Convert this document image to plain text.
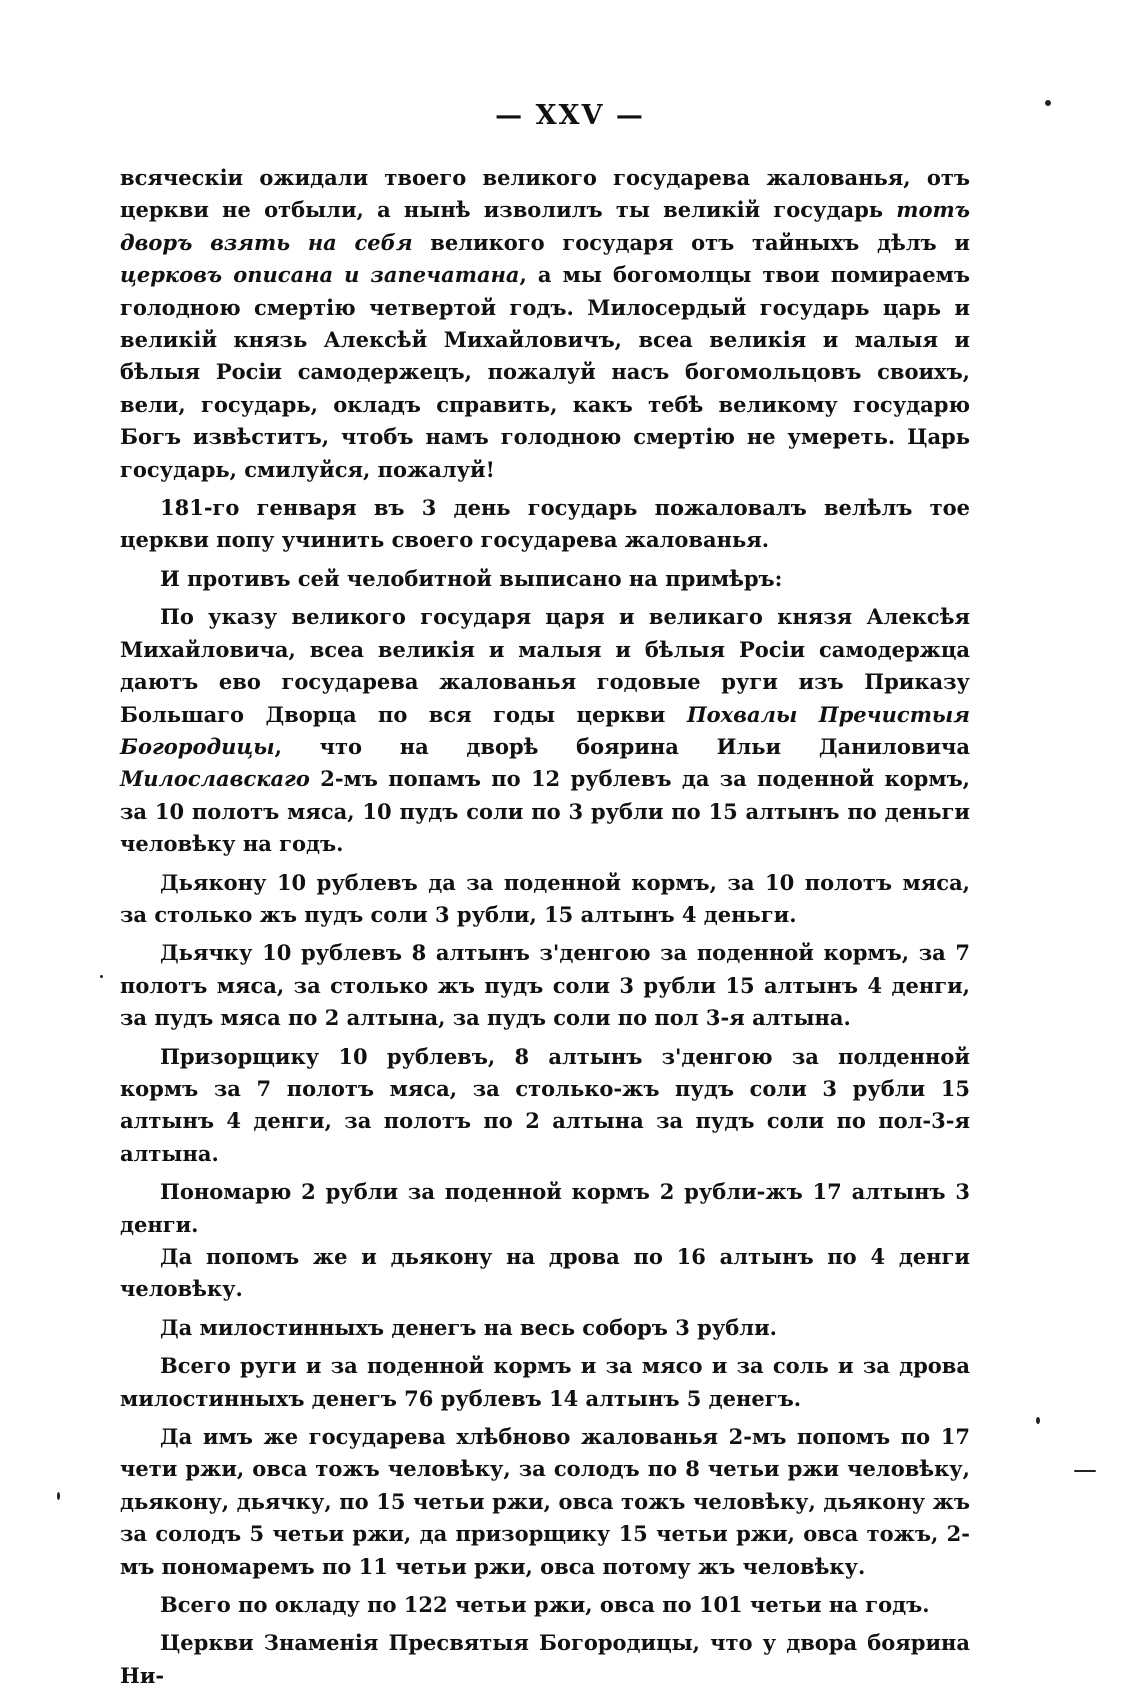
— XXV —

всяческіи ожидали твоего великого государева жалованья, отъ церкви не отбыли, а нынѣ изволилъ ты великій государь тотъ дворъ взять на себя великого государя отъ тайныхъ дѣлъ и церковъ описана и запечатана, а мы богомолцы твои помираемъ голодною смертію четвертой годъ. Милосердый государь царь и великій князь Алексѣй Михайловичъ, всеа великія и малыя и бѣлыя Росіи самодержецъ, пожалуй насъ богомольцовъ своихъ, вели, государь, окладъ справить, какъ тебѣ великому государю Богъ извѣститъ, чтобъ намъ голодною смертію не умереть. Царь государь, смилуйся, пожалуй!

181-го генваря въ 3 день государь пожаловалъ велѣлъ тое церкви попу учинить своего государева жалованья.

И противъ сей челобитной выписано на примѣръ:

По указу великого государя царя и великаго князя Алексѣя Михайловича, всеа великія и малыя и бѣлыя Росіи самодержца даютъ ево государева жалованья годовые руги изъ Приказу Большаго Дворца по вся годы церкви Похвалы Пречистыя Богородицы, что на дворѣ боярина Ильи Даниловича Милославскаго 2-мъ попамъ по 12 рублевъ да за поденной кормъ, за 10 полотъ мяса, 10 пудъ соли по 3 рубли по 15 алтынъ по деньги человѣку на годъ.

Дьякону 10 рублевъ да за поденной кормъ, за 10 полотъ мяса, за столько жъ пудъ соли 3 рубли, 15 алтынъ 4 деньги.

Дьячку 10 рублевъ 8 алтынъ з'денгою за поденной кормъ, за 7 полотъ мяса, за столько жъ пудъ соли 3 рубли 15 алтынъ 4 денги, за пудъ мяса по 2 алтына, за пудъ соли по пол 3-я алтына.

Призорщику 10 рублевъ, 8 алтынъ з'денгою за полденной кормъ за 7 полотъ мяса, за столько-жъ пудъ соли 3 рубли 15 алтынъ 4 денги, за полотъ по 2 алтына за пудъ соли по пол-3-я алтына.

Пономарю 2 рубли за поденной кормъ 2 рубли-жъ 17 алтынъ 3 денги.

Да попомъ же и дьякону на дрова по 16 алтынъ по 4 денги человѣку.

Да милостинныхъ денегъ на весь соборъ 3 рубли.

Всего руги и за поденной кормъ и за мясо и за соль и за дрова милостинныхъ денегъ 76 рублевъ 14 алтынъ 5 денегъ.

Да имъ же государева хлѣбново жалованья 2-мъ попомъ по 17 чети ржи, овса тожъ человѣку, за солодъ по 8 четьи ржи человѣку, дьякону, дьячку, по 15 четьи ржи, овса тожъ человѣку, дьякону жъ за солодъ 5 четьи ржи, да призорщику 15 четьи ржи, овса тожъ, 2-мъ пономаремъ по 11 четьи ржи, овса потому жъ человѣку.

Всего по окладу по 122 четьи ржи, овса по 101 четьи на годъ.

Церкви Знаменія Пресвятыя Богородицы, что у двора боярина Ни-
